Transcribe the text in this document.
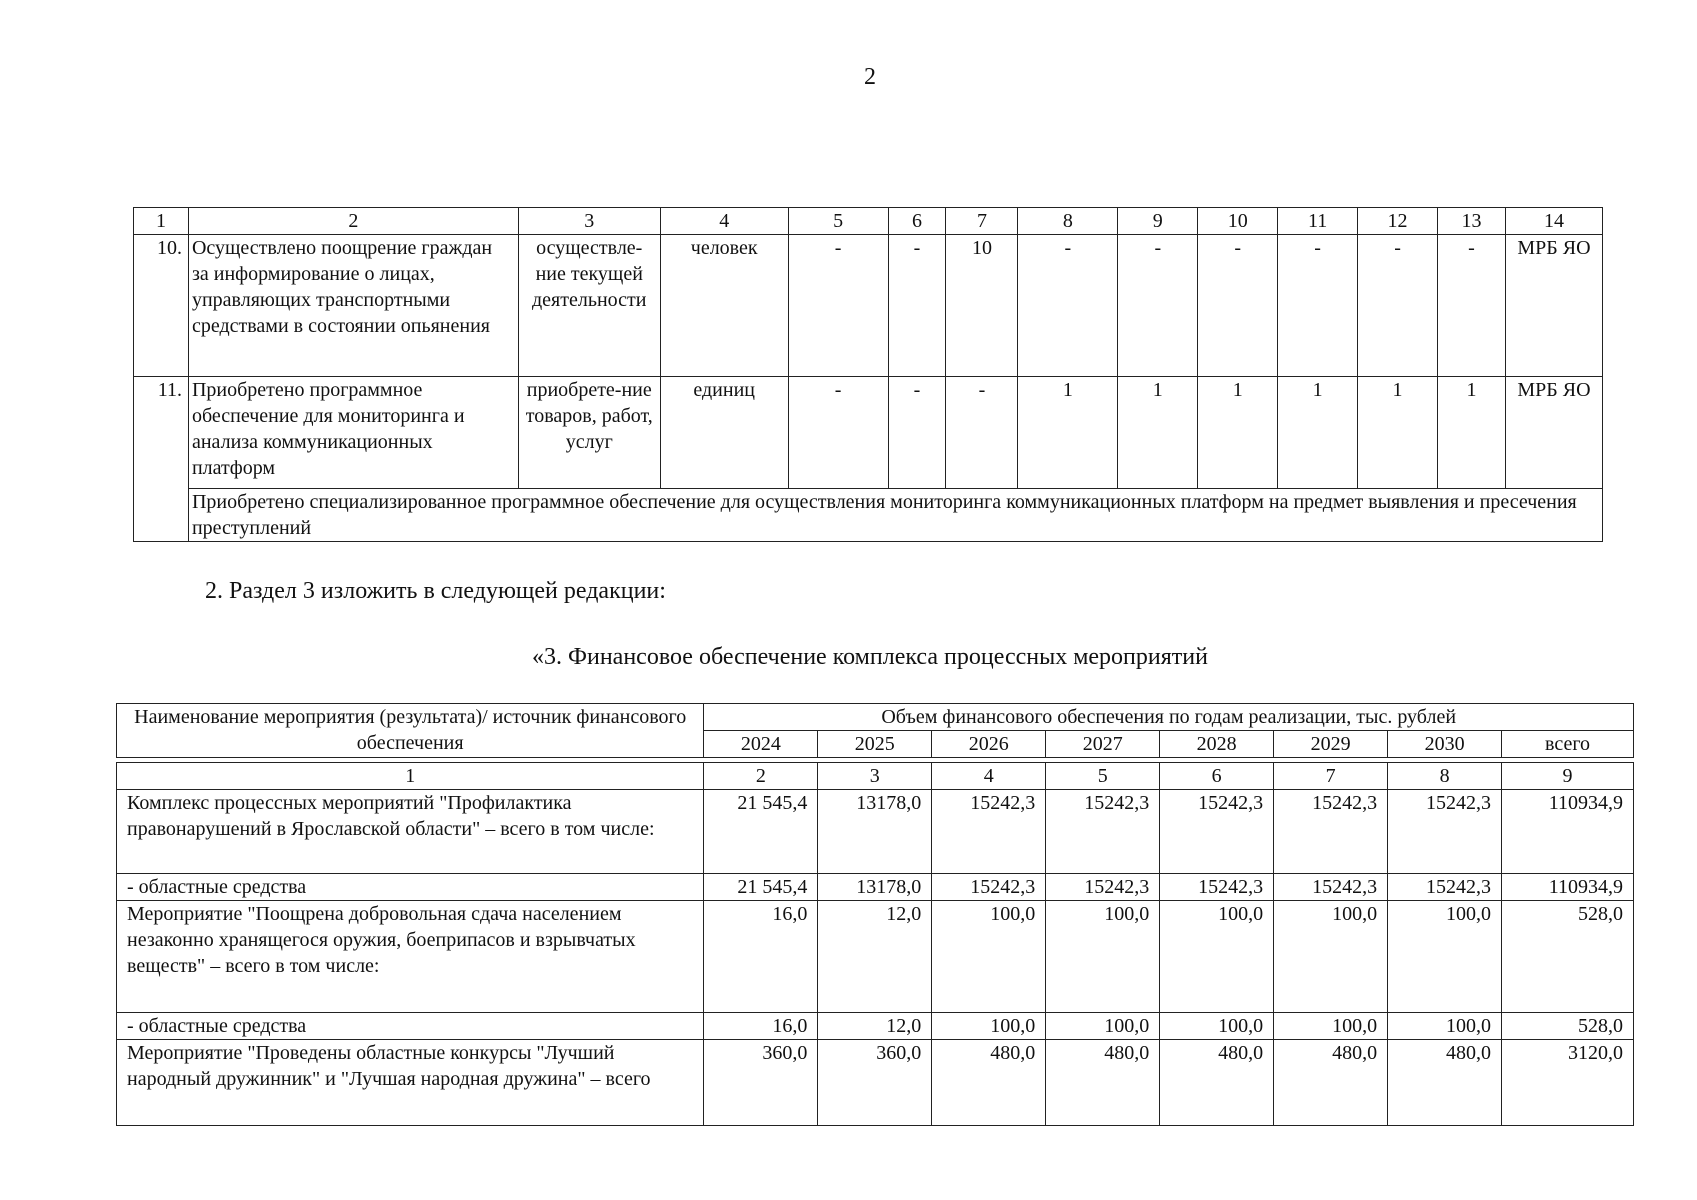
2
1	2	3	4	5	6	7	8	9	10	11	12	13	14
10.	Осуществлено поощрение граждан за информирование о лицах, управляющих транспортными средствами в состоянии опьянения	осуществле-ние текущей деятельности	человек	-	-	10	-	-	-	-	-	-	МРБ ЯО
11.	Приобретено программное обеспечение для мониторинга и анализа коммуникационных платформ	приобрете-ние товаров, работ, услуг	единиц	-	-	-	1	1	1	1	1	1	МРБ ЯО
	Приобретено специализированное программное обеспечение для осуществления мониторинга коммуникационных платформ на предмет выявления и пресечения преступлений												
2. Раздел 3 изложить в следующей редакции:
«3. Финансовое обеспечение комплекса процессных мероприятий
Наименование мероприятия (результата)/ источник финансового обеспечения	Объем финансового обеспечения по годам реализации, тыс. рублей							
	2024	2025	2026	2027	2028	2029	2030	всего

1	2	3	4	5	6	7	8	9
Комплекс процессных мероприятий "Профилактика правонарушений в Ярославской области" – всего в том числе:	21 545,4	13178,0	15242,3	15242,3	15242,3	15242,3	15242,3	110934,9
- областные средства	21 545,4	13178,0	15242,3	15242,3	15242,3	15242,3	15242,3	110934,9
Мероприятие "Поощрена добровольная сдача населением незаконно хранящегося оружия, боеприпасов и взрывчатых веществ" – всего в том числе:	16,0	12,0	100,0	100,0	100,0	100,0	100,0	528,0
- областные средства	16,0	12,0	100,0	100,0	100,0	100,0	100,0	528,0
Мероприятие "Проведены областные конкурсы "Лучший народный дружинник" и "Лучшая народная дружина" – всего	360,0	360,0	480,0	480,0	480,0	480,0	480,0	3120,0
